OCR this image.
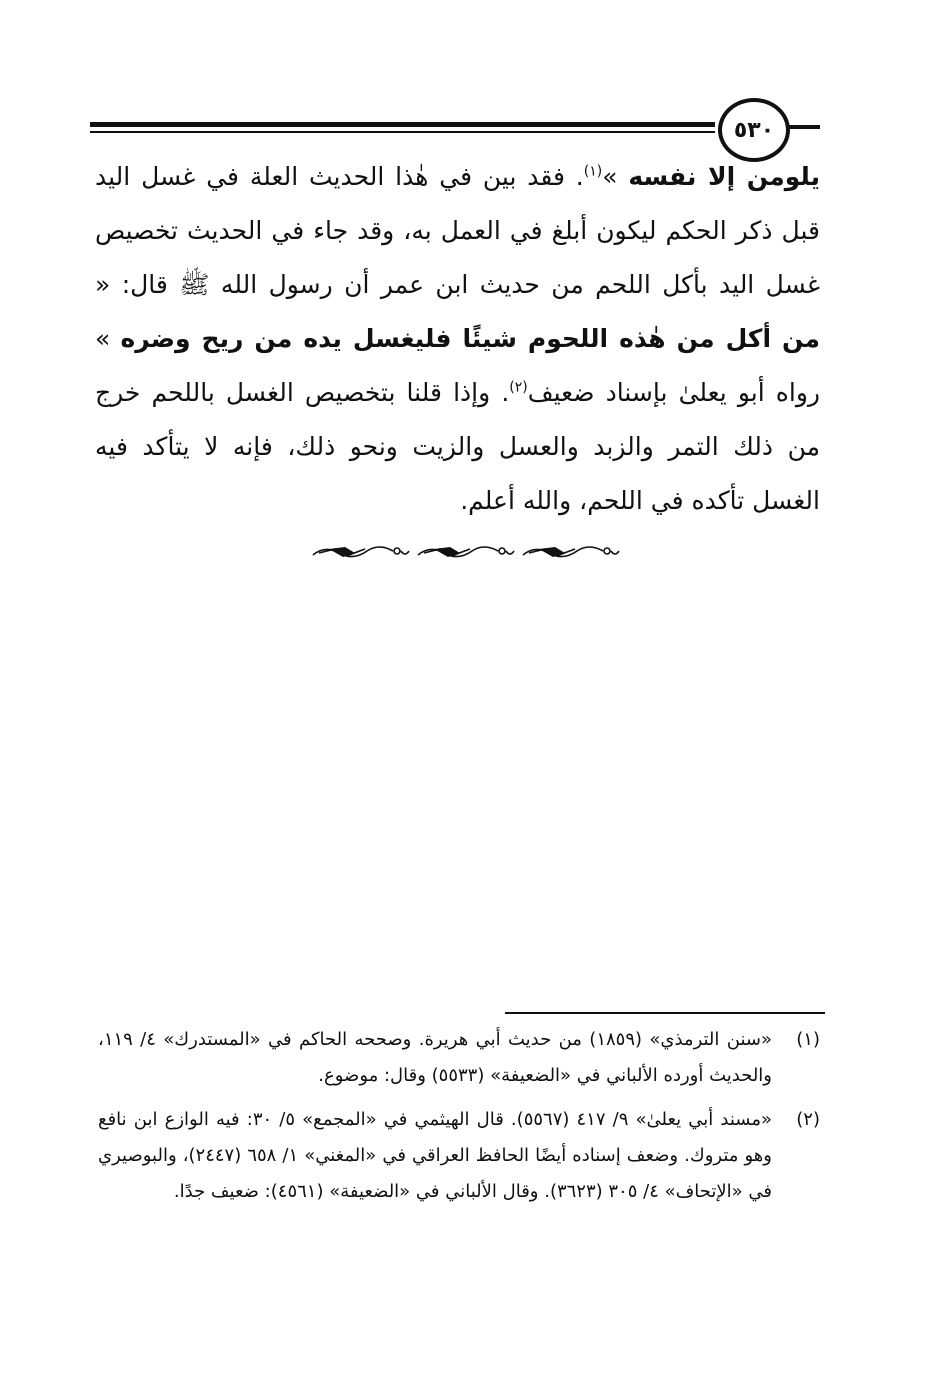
٥٣٠
يلومن إلا نفسه »$^{(١)}$. فقد بين في هٰذا الحديث العلة في غسل اليد قبل ذكر الحكم ليكون أبلغ في العمل به، وقد جاء في الحديث تخصيص غسل اليد بأكل اللحم من حديث ابن عمر أن رسول الله ﷺ قال: « من أكل من هٰذه اللحوم شيئًا فليغسل يده من ريح وضره » رواه أبو يعلىٰ بإسناد ضعيف$^{(٢)}$. وإذا قلنا بتخصيص الغسل باللحم خرج من ذلك التمر والزبد والعسل والزيت ونحو ذلك، فإنه لا يتأكد فيه الغسل تأكده في اللحم، والله أعلم.
(١)
«سنن الترمذي» (١٨٥٩) من حديث أبي هريرة. وصححه الحاكم في «المستدرك» ٤/ ١١٩، والحديث أورده الألباني في «الضعيفة» (٥٥٣٣) وقال: موضوع.
(٢)
«مسند أبي يعلىٰ» ٩/ ٤١٧ (٥٥٦٧). قال الهيثمي في «المجمع» ٥/ ٣٠: فيه الوازع ابن نافع وهو متروك. وضعف إسناده أيضًا الحافظ العراقي في «المغني» ١/ ٦٥٨ (٢٤٤٧)، والبوصيري في «الإتحاف» ٤/ ٣٠٥ (٣٦٢٣). وقال الألباني في «الضعيفة» (٤٥٦١): ضعيف جدًا.
